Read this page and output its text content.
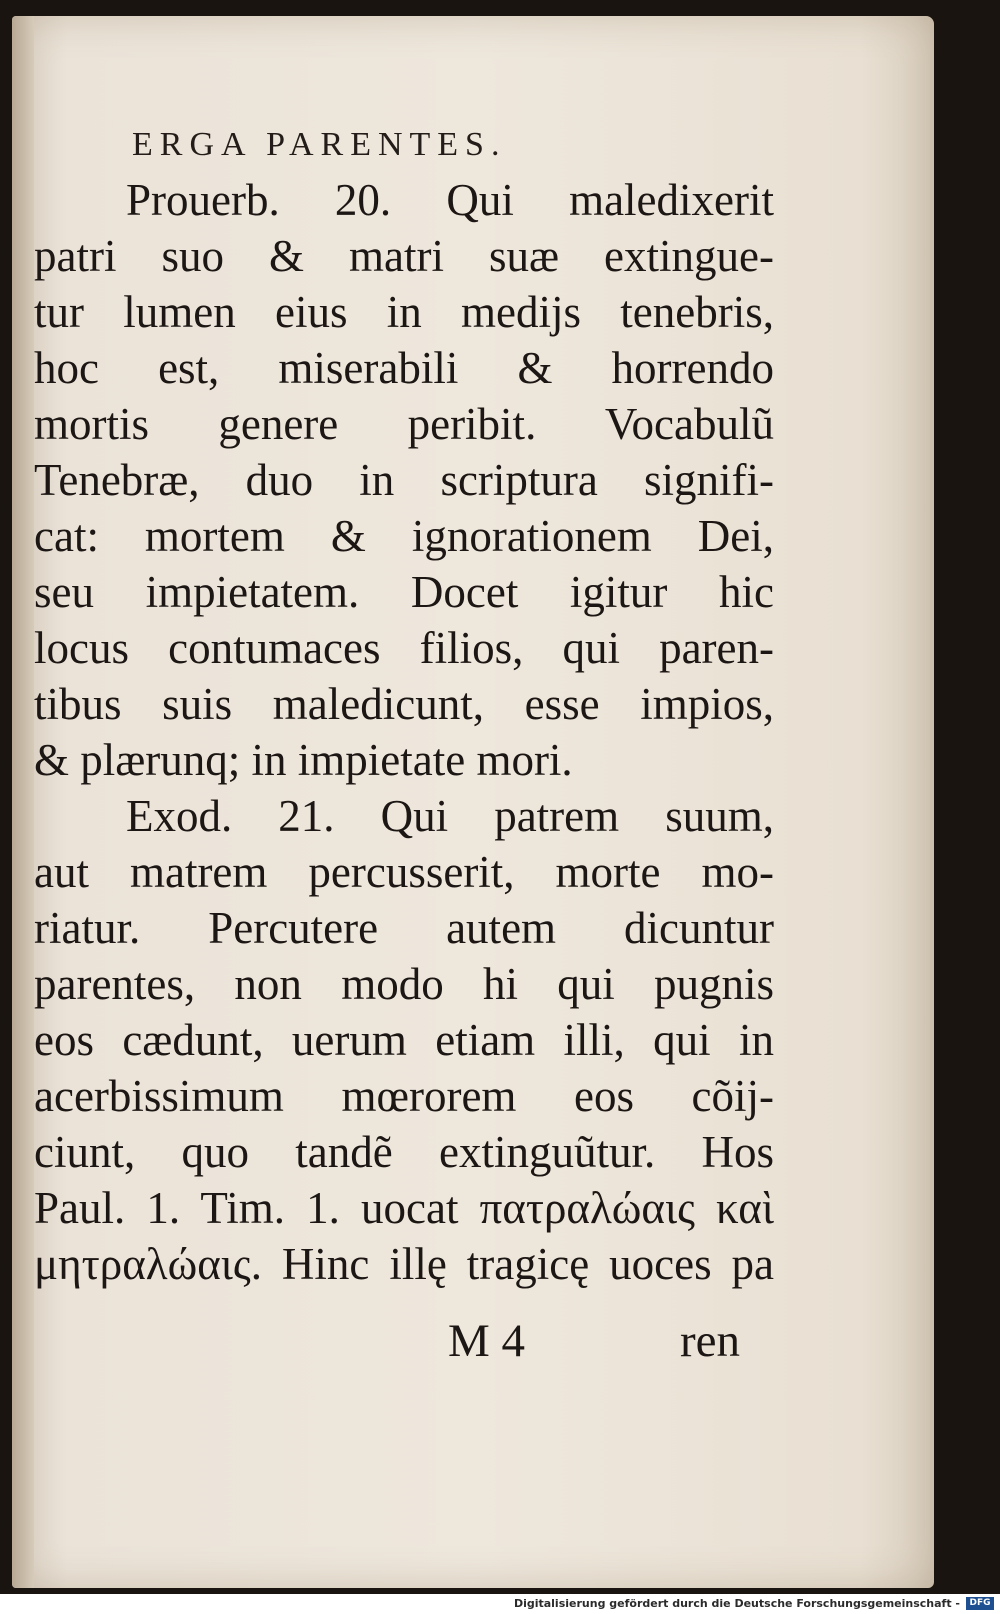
ERGA PARENTES.
Prouerb. 20. Qui maledixerit
patri suo & matri suæ extingue-
tur lumen eius in medijs tenebris,
hoc est, miserabili & horrendo
mortis genere peribit. Vocabulũ
Tenebræ, duo in scriptura signifi-
cat: mortem & ignorationem Dei,
seu impietatem. Docet igitur hic
locus contumaces filios, qui paren-
tibus suis maledicunt, esse impios,
& plærunq; in impietate mori.
Exod. 21. Qui patrem suum,
aut matrem percusserit, morte mo-
riatur. Percutere autem dicuntur
parentes, non modo hi qui pugnis
eos cædunt, uerum etiam illi, qui in
acerbissimum mœrorem eos cõij-
ciunt, quo tandẽ extinguũtur. Hos
Paul. 1. Tim. 1. uocat πατραλώαις καὶ
μητραλώαις. Hinc illę tragicę uoces pa
M 4	ren
Digitalisierung gefördert durch die Deutsche Forschungsgemeinschaft -	DFG
